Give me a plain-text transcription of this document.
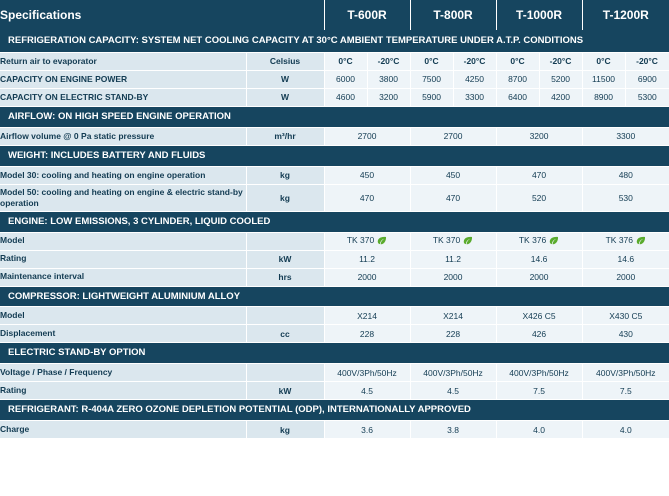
Specifications		T-600R		T-800R		T-1000R		T-1200R	
REFRIGERATION CAPACITY: SYSTEM NET COOLING CAPACITY AT 30°C AMBIENT TEMPERATURE UNDER A.T.P. CONDITIONS									
Return air to evaporator	Celsius	0°C	-20°C	0°C	-20°C	0°C	-20°C	0°C	-20°C
CAPACITY ON ENGINE POWER	W	6000	3800	7500	4250	8700	5200	11500	6900
CAPACITY ON ELECTRIC STAND-BY	W	4600	3200	5900	3300	6400	4200	8900	5300
AIRFLOW: ON HIGH SPEED ENGINE OPERATION									
Airflow volume @ 0 Pa static pressure	m³/hr	2700		2700		3200		3300	
WEIGHT: INCLUDES BATTERY AND FLUIDS									
Model 30: cooling and heating on engine operation	kg	450		450		470		480	
Model 50: cooling and heating on engine & electric stand-by operation	kg	470		470		520		530	
ENGINE: LOW EMISSIONS, 3 CYLINDER, LIQUID COOLED									
Model		TK 370		TK 370		TK 376		TK 376	
Rating	kW	11.2		11.2		14.6		14.6	
Maintenance interval	hrs	2000		2000		2000		2000	
COMPRESSOR: LIGHTWEIGHT ALUMINIUM ALLOY									
Model		X214		X214		X426 C5		X430 C5	
Displacement	cc	228		228		426		430	
ELECTRIC STAND-BY OPTION									
Voltage / Phase / Frequency		400V/3Ph/50Hz		400V/3Ph/50Hz		400V/3Ph/50Hz		400V/3Ph/50Hz	
Rating	kW	4.5		4.5		7.5		7.5	
REFRIGERANT: R-404A ZERO OZONE DEPLETION POTENTIAL (ODP), INTERNATIONALLY APPROVED									
Charge	kg	3.6		3.8		4.0		4.0	
